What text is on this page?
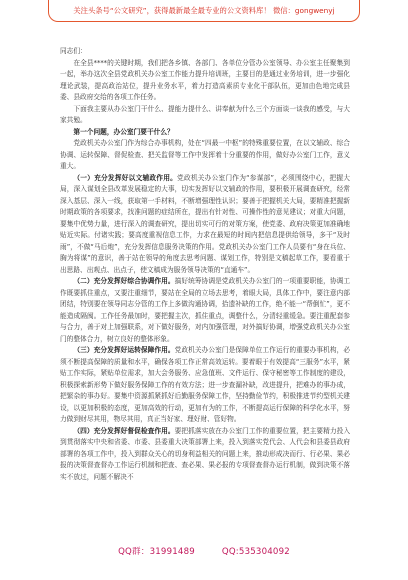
关注头条号“公文研究”，获得最新最全最专业的公文资料库！ 微信：gongwenyj

同志们：

在全县****的关键时期，我们把各乡镇、各部门、各单位分管办公室领导、办公室主任聚集到一起，举办这次全县党政机关办公室工作能力提升培训班，主要目的是通过业务培训，进一步强化理论武装，提高政治站位，提升业务水平，着力打造高素质专业化干部队伍，更加由色地完成县委、县政府交给的各项工作任务。

下面我主要从办公室门干什么、提能力提什么、讲奉献为什么三个方面谈一谈我的感受，与大家共勉。

第一个问题，办公室门要干什么？

党政机关办公室门作为综合办事机构，处在“四最一中枢”的特殊重要位置，在以文辅政、综合协调、运转保障、督促检查、把关监督等工作中发挥着十分重要的作用，做好办公室门工作，意义重大。

（一）充分发挥好以文辅政作用。党政机关办公室门作为“参谋部”，必须围绕中心，把握大局，深入谋划全县改革发展稳定的大事，切实发挥好以文辅政的作用，要积极开展调查研究，经常深入基层、深入一线，获取第一手材料，不断增强理性认识；要善于把握机关大局，要精准把握新时期政策的各项要求，找准问题的症结所在，提出有针对性、可操作性的意见建议；对重大问题，要集中优势力量，进行深入的调查研究，提出切实可行的对策方案，使党委、政府决策更加准确地贴近实际。付诸实践；要高度重视信息工作，力求在最短的时间内把信息提供给领导，多干“及时雨”，不做“马后炮”，充分发挥信息服务决策的作用。党政机关办公室门工作人员要有“身在兵位、胸为将谋”的意识，善于站在领导的角度去思考问题、谋划工作，特别是文稿起草工作，要看重于出思路、出观点、出点子，使文稿成为服务领导决策的“直通车”。

（二）充分发挥好综合协调作用。搞好统筹协调是党政机关办公室门的一项重要职能，协调工作既要抓住重点，又要注重细节，要站在全局的立场去思考，着眼大局，具体工作中，要注意内部团结，特别要在领导同志分管的工作上多做沟通协调，拾遗补缺的工作，绝不能一“帮倒忙”，更不能造成隔阂。工作任务最加时，要把握主次，抓住重点，调整什么，分清轻重缓急。要注重配套参与合力，善于对上加强联系，对下做好服务，对内加强管理，对外搞好协调，增强党政机关办公室门的整体合力，树立良好的整体形象。

（三）充分发挥好运转保障作用。党政机关办公室门是保障单位工作运行的重要办事机构，必须不断提高保障的质量和水平，确保各项工作正常高效运转。要着眼于有效提高“三服务”水平，紧贴工作实际，紧贴单位需求，加大会务服务、应急值班、文件运行、保守秘密等工作制度的建设，积极探索新形势下做好服务保障工作的有效方法；进一步查漏补缺，改进提升，把难办的事办成，把繁杂的事办好。要集中资源抓紧抓好后勤服务保障工作，坚持勤俭节约，积极推进节约型机关建设，以更加积极的态度，更加高效的行动，更加有为的工作，不断提高运行保障的科学化水平，努力做到财尽其用，物尽其用，真正当好家、理好财、管好物。

（四）充分发挥好督促检查作用。要把抓落实放在办公室门工作的重要位置，把主要精力投入到贯彻落实中央和省委、市委、县委重大决策部署上来，投入到落实党代会、人代会和县委县政府部署的各项工作中，投入到群众关心的切身利益相关的问题上来，推动形成决而行、行必果、果必报的决策督查督办工作运行机制和把查、查必果、果必报的专项督查督办运行机制，做到决策不落实不放过，问题不解决不

QQ群：31991489	QQ:535304092
